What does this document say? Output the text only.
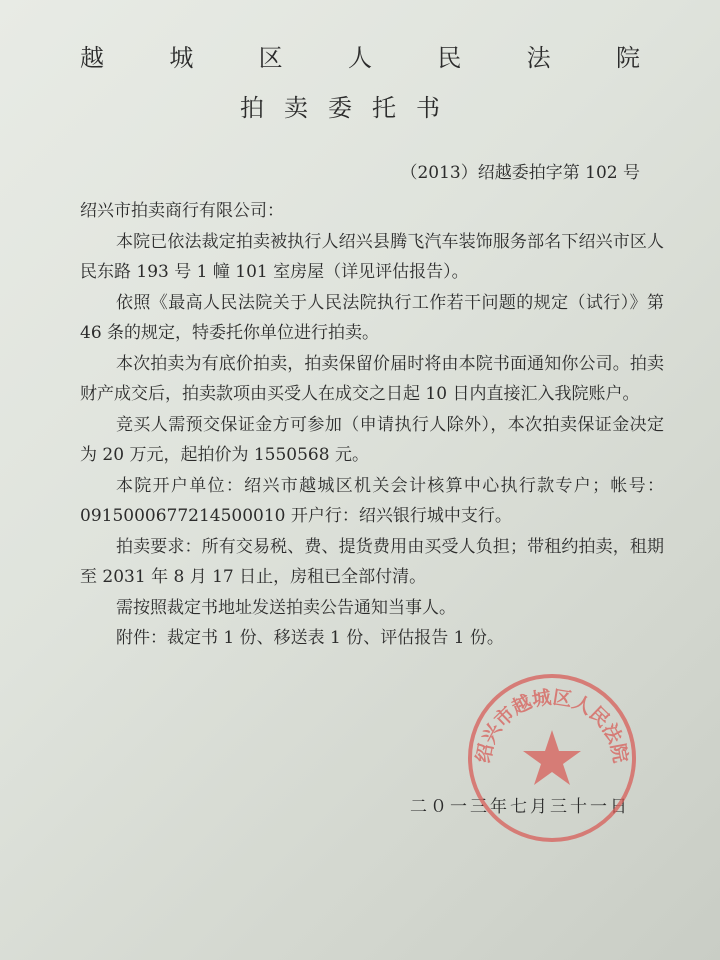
越	城	区	人	民	法	院
拍卖委托书
（2013）绍越委拍字第 102 号

绍兴市拍卖商行有限公司：

本院已依法裁定拍卖被执行人绍兴县腾飞汽车装饰服务部名下绍兴市区人民东路 193 号 1 幢 101 室房屋（详见评估报告）。

依照《最高人民法院关于人民法院执行工作若干问题的规定（试行）》第 46 条的规定，特委托你单位进行拍卖。

本次拍卖为有底价拍卖，拍卖保留价届时将由本院书面通知你公司。拍卖财产成交后，拍卖款项由买受人在成交之日起 10 日内直接汇入我院账户。

竞买人需预交保证金方可参加（申请执行人除外），本次拍卖保证金决定为 20 万元，起拍价为 1550568 元。

本院开户单位：绍兴市越城区机关会计核算中心执行款专户；帐号：0915000677214500010 开户行：绍兴银行城中支行。

拍卖要求：所有交易税、费、提货费用由买受人负担；带租约拍卖，租期至 2031 年 8 月 17 日止，房租已全部付清。

需按照裁定书地址发送拍卖公告通知当事人。

附件：裁定书 1 份、移送表 1 份、评估报告 1 份。

二０一三年七月三十一日
绍兴市越城区人民法院
